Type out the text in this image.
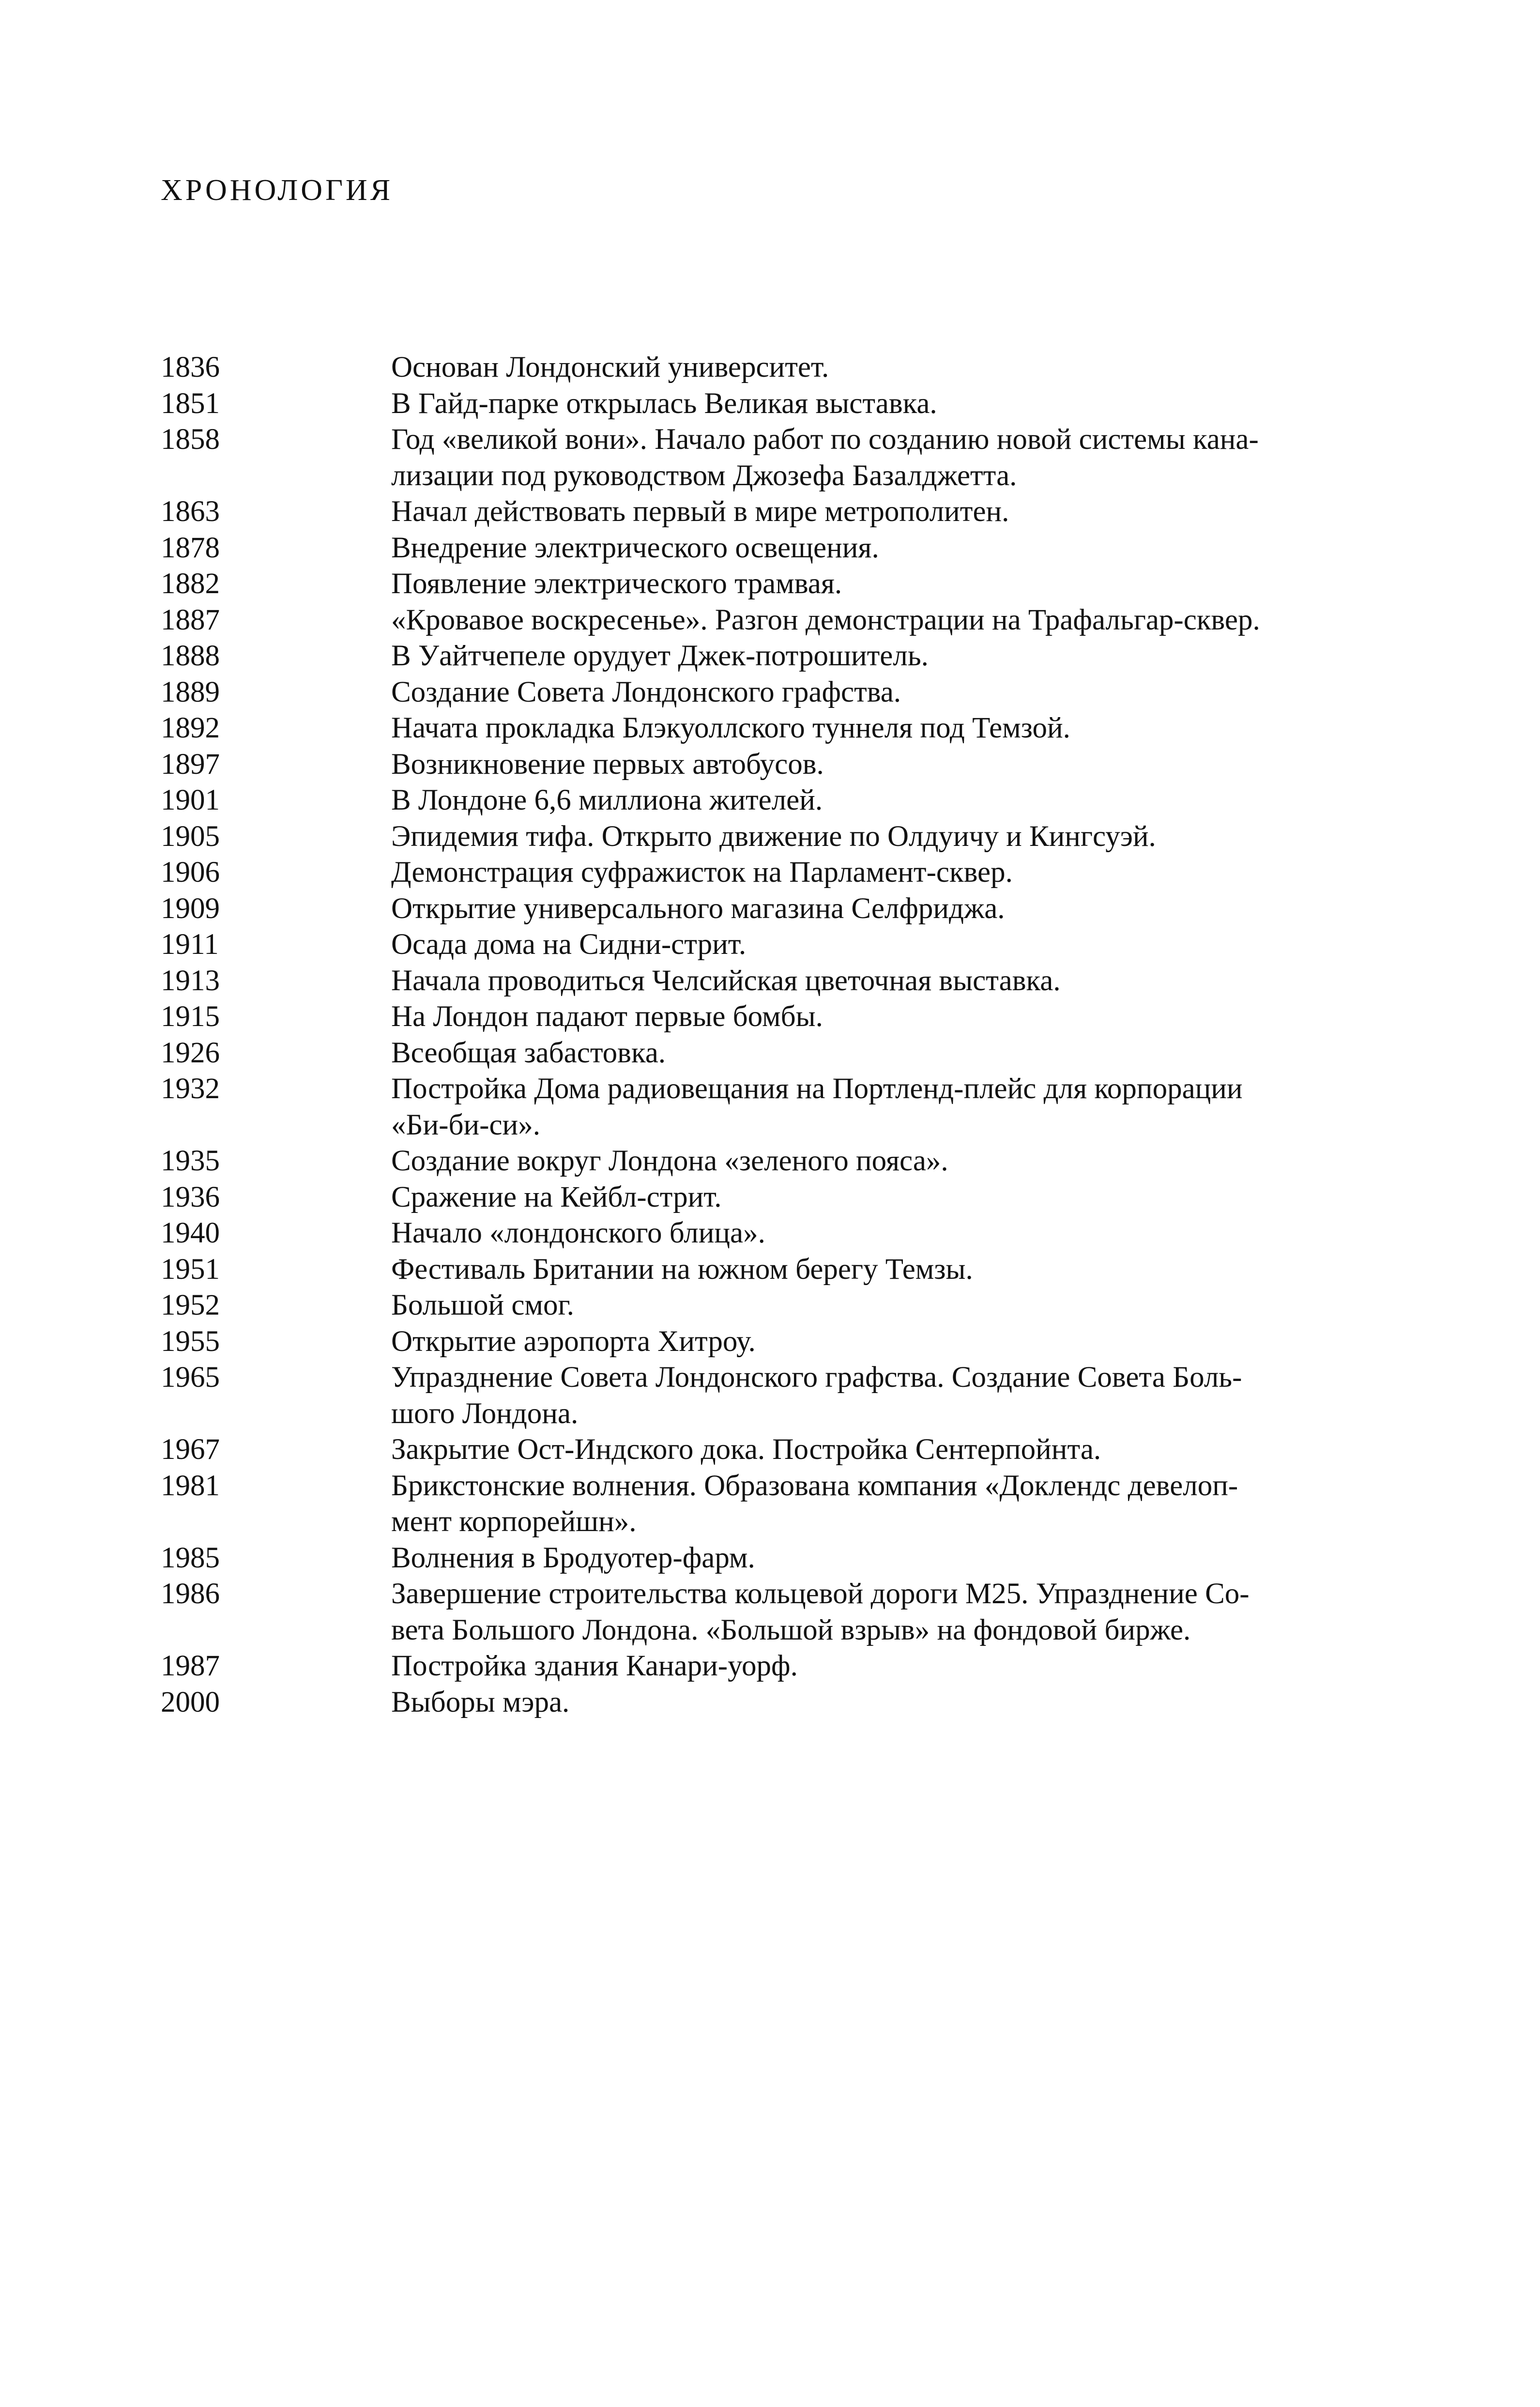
ХРОНОЛОГИЯ
1836	Основан Лондонский университет.
1851	В Гайд-парке открылась Великая выставка.
1858	Год «великой вони». Начало работ по созданию новой системы кана-
лизации под руководством Джозефа Базалджетта.
1863	Начал действовать первый в мире метрополитен.
1878	Внедрение электрического освещения.
1882	Появление электрического трамвая.
1887	«Кровавое воскресенье». Разгон демонстрации на Трафальгар-сквер.
1888	В Уайтчепеле орудует Джек-потрошитель.
1889	Создание Совета Лондонского графства.
1892	Начата прокладка Блэкуоллского туннеля под Темзой.
1897	Возникновение первых автобусов.
1901	В Лондоне 6,6 миллиона жителей.
1905	Эпидемия тифа. Открыто движение по Олдуичу и Кингсуэй.
1906	Демонстрация суфражисток на Парламент-сквер.
1909	Открытие универсального магазина Селфриджа.
1911	Осада дома на Сидни-стрит.
1913	Начала проводиться Челсийская цветочная выставка.
1915	На Лондон падают первые бомбы.
1926	Всеобщая забастовка.
1932	Постройка Дома радиовещания на Портленд-плейс для корпорации
«Би-би-си».
1935	Создание вокруг Лондона «зеленого пояса».
1936	Сражение на Кейбл-стрит.
1940	Начало «лондонского блица».
1951	Фестиваль Британии на южном берегу Темзы.
1952	Большой смог.
1955	Открытие аэропорта Хитроу.
1965	Упразднение Совета Лондонского графства. Создание Совета Боль-
шого Лондона.
1967	Закрытие Ост-Индского дока. Постройка Сентерпойнта.
1981	Брикстонские волнения. Образована компания «Доклендс девелоп-
мент корпорейшн».
1985	Волнения в Бродуотер-фарм.
1986	Завершение строительства кольцевой дороги М25. Упразднение Со-
вета Большого Лондона. «Большой взрыв» на фондовой бирже.
1987	Постройка здания Канари-уорф.
2000	Выборы мэра.
